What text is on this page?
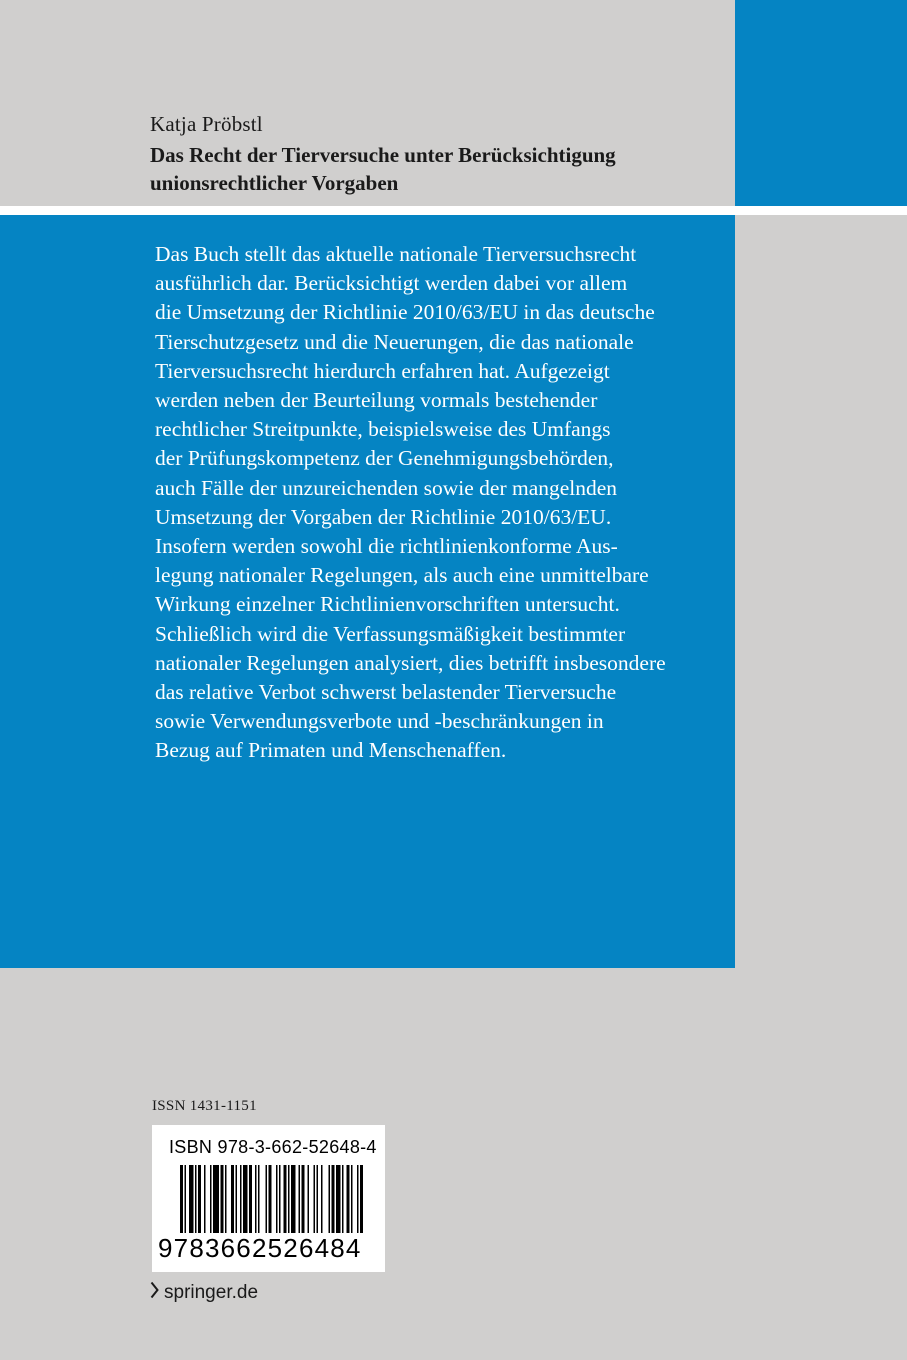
Katja Pröbstl
Das Recht der Tierversuche unter Berücksichtigung
unionsrechtlicher Vorgaben
Das Buch stellt das aktuelle nationale Tierversuchsrecht
ausführlich dar. Berücksichtigt werden dabei vor allem
die Umsetzung der Richtlinie 2010/63/EU in das deutsche
Tierschutzgesetz und die Neuerungen, die das nationale
Tierversuchsrecht hierdurch erfahren hat. Aufgezeigt
werden neben der Beurteilung vormals bestehender
rechtlicher Streitpunkte, beispielsweise des Umfangs
der Prüfungskompetenz der Genehmigungsbehörden,
auch Fälle der unzureichenden sowie der mangelnden
Umsetzung der Vorgaben der Richtlinie 2010/63/EU.
Insofern werden sowohl die richtlinienkonforme Aus-
legung nationaler Regelungen, als auch eine unmittelbare
Wirkung einzelner Richtlinienvorschriften untersucht.
Schließlich wird die Verfassungsmäßigkeit bestimmter
nationaler Regelungen analysiert, dies betrifft insbesondere
das relative Verbot schwerst belastender Tierversuche
sowie Verwendungsverbote und -beschränkungen in
Bezug auf Primaten und Menschenaffen.
ISSN 1431-1151
ISBN 978-3-662-52648-4
9783662526484
springer.de
